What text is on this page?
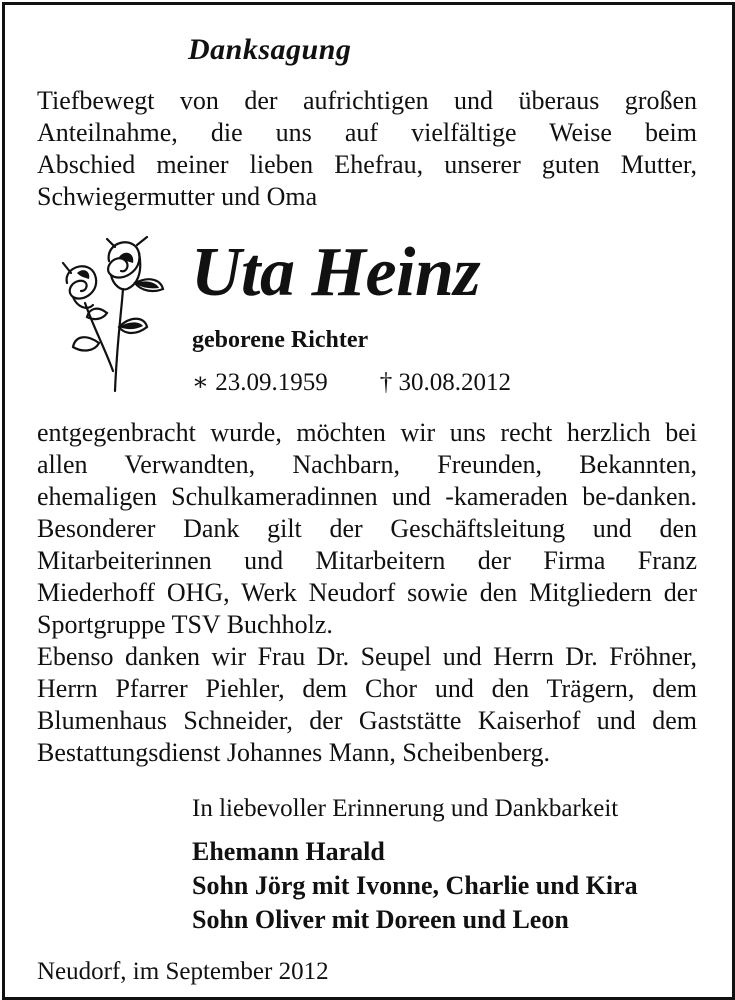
Danksagung
Tiefbewegt von der aufrichtigen und überaus großen
Anteilnahme, die uns auf vielfältige Weise beim
Abschied meiner lieben Ehefrau, unserer guten Mutter,
Schwiegermutter und Oma
Uta Heinz
geborene Richter
∗ 23.09.1959 † 30.08.2012
entgegenbracht wurde, möchten wir uns recht herzlich bei
allen Verwandten, Nachbarn, Freunden, Bekannten,
ehemaligen Schulkameradinnen und -kameraden be-danken.
Besonderer Dank gilt der Geschäftsleitung und den
Mitarbeiterinnen und Mitarbeitern der Firma Franz
Miederhoff OHG, Werk Neudorf sowie den Mitgliedern der
Sportgruppe TSV Buchholz.
Ebenso danken wir Frau Dr. Seupel und Herrn Dr. Fröhner,
Herrn Pfarrer Piehler, dem Chor und den Trägern, dem
Blumenhaus Schneider, der Gaststätte Kaiserhof und dem
Bestattungsdienst Johannes Mann, Scheibenberg.
In liebevoller Erinnerung und Dankbarkeit
Ehemann Harald
Sohn Jörg mit Ivonne, Charlie und Kira
Sohn Oliver mit Doreen und Leon
Neudorf, im September 2012
